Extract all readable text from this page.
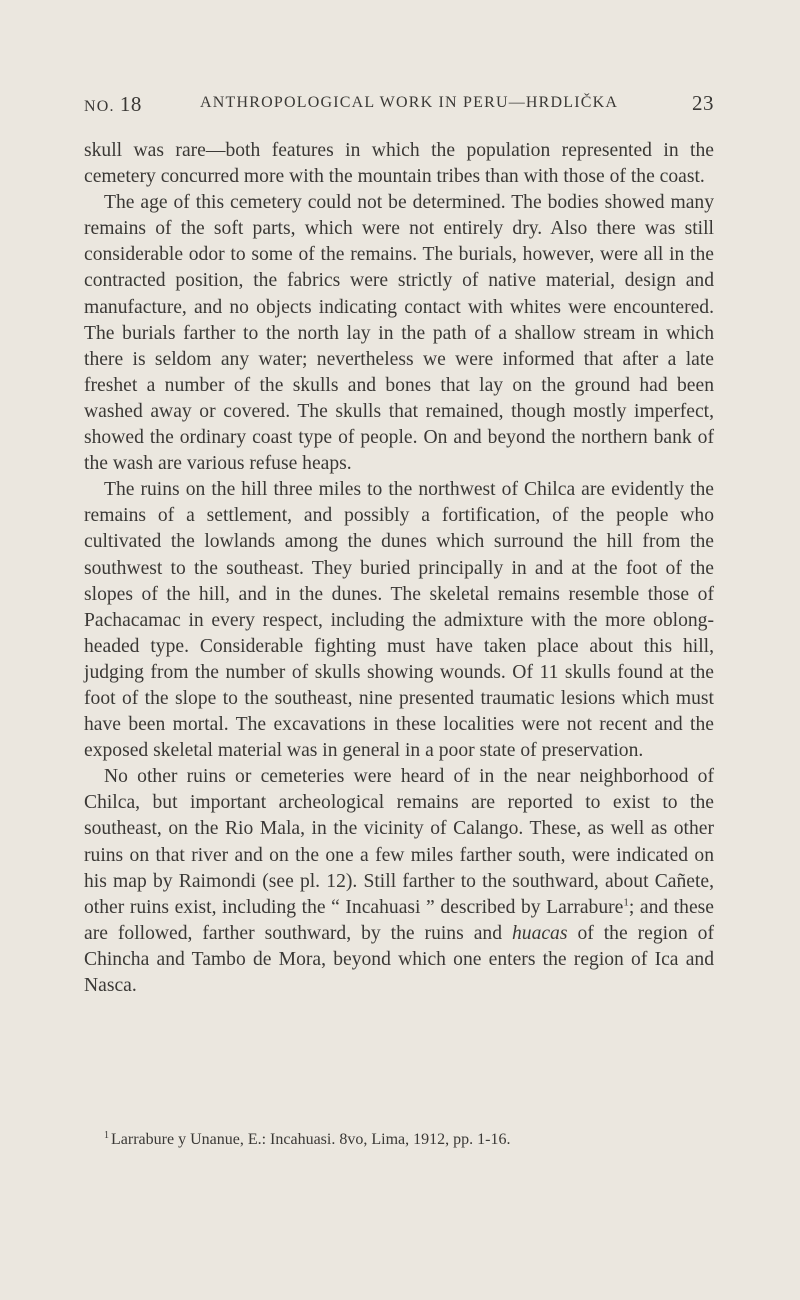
NO. 18	ANTHROPOLOGICAL WORK IN PERU—HRDLIČKA	23

skull was rare—both features in which the population represented in the cemetery concurred more with the mountain tribes than with those of the coast.

The age of this cemetery could not be determined. The bodies showed many remains of the soft parts, which were not entirely dry. Also there was still considerable odor to some of the remains. The burials, however, were all in the contracted position, the fabrics were strictly of native material, design and manufacture, and no objects indicating contact with whites were encountered. The burials farther to the north lay in the path of a shallow stream in which there is seldom any water; nevertheless we were informed that after a late freshet a number of the skulls and bones that lay on the ground had been washed away or covered. The skulls that remained, though mostly imperfect, showed the ordinary coast type of people. On and beyond the northern bank of the wash are various refuse heaps.

The ruins on the hill three miles to the northwest of Chilca are evidently the remains of a settlement, and possibly a fortification, of the people who cultivated the lowlands among the dunes which surround the hill from the southwest to the southeast. They buried principally in and at the foot of the slopes of the hill, and in the dunes. The skeletal remains resemble those of Pachacamac in every respect, including the admixture with the more oblong-headed type. Considerable fighting must have taken place about this hill, judging from the number of skulls showing wounds. Of 11 skulls found at the foot of the slope to the southeast, nine presented traumatic lesions which must have been mortal. The excavations in these localities were not recent and the exposed skeletal material was in general in a poor state of preservation.

No other ruins or cemeteries were heard of in the near neighborhood of Chilca, but important archeological remains are reported to exist to the southeast, on the Rio Mala, in the vicinity of Calango. These, as well as other ruins on that river and on the one a few miles farther south, were indicated on his map by Raimondi (see pl. 12). Still farther to the southward, about Cañete, other ruins exist, including the “ Incahuasi ” described by Larrabure$^1$; and these are followed, farther southward, by the ruins and huacas of the region of Chincha and Tambo de Mora, beyond which one enters the region of Ica and Nasca.

$^1$ Larrabure y Unanue, E.: Incahuasi. 8vo, Lima, 1912, pp. 1-16.
